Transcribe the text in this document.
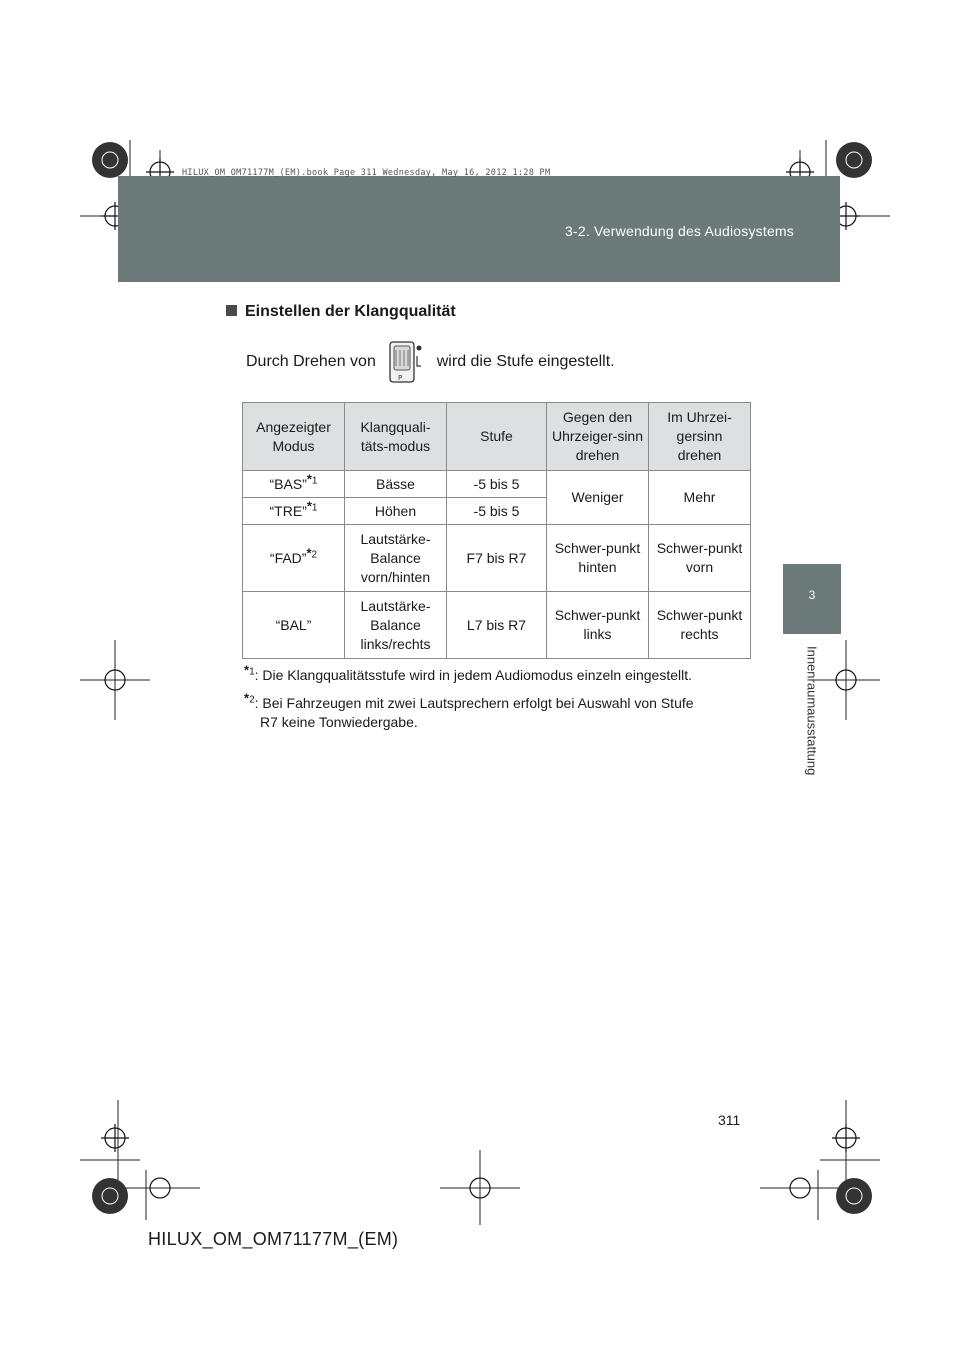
3-2. Verwendung des Audiosystems
HILUX_OM_OM71177M_(EM).book Page 311 Wednesday, May 16, 2012 1:28 PM
3
Innenraumausstattung
Einstellen der Klangqualität
Durch Drehen von
P
wird die Stufe eingestellt.
Angezeigter Modus	Klangquali-täts-modus	Stufe	Gegen den Uhrzeiger-sinn drehen	Im Uhrzei-gersinn drehen
“BAS”*$^1$	Bässe	-5 bis 5	Weniger	Mehr
“TRE”*$^1$	Höhen	-5 bis 5		
“FAD”*$^2$	Lautstärke-Balance vorn/hinten	F7 bis R7	Schwer-punkt hinten	Schwer-punkt vorn
“BAL”	Lautstärke-Balance links/rechts	L7 bis R7	Schwer-punkt links	Schwer-punkt rechts
*$^1$: Die Klangqualitätsstufe wird in jedem Audiomodus einzeln eingestellt.
*$^2$: Bei Fahrzeugen mit zwei Lautsprechern erfolgt bei Auswahl von Stufe
R7 keine Tonwiedergabe.
311
HILUX_OM_OM71177M_(EM)
